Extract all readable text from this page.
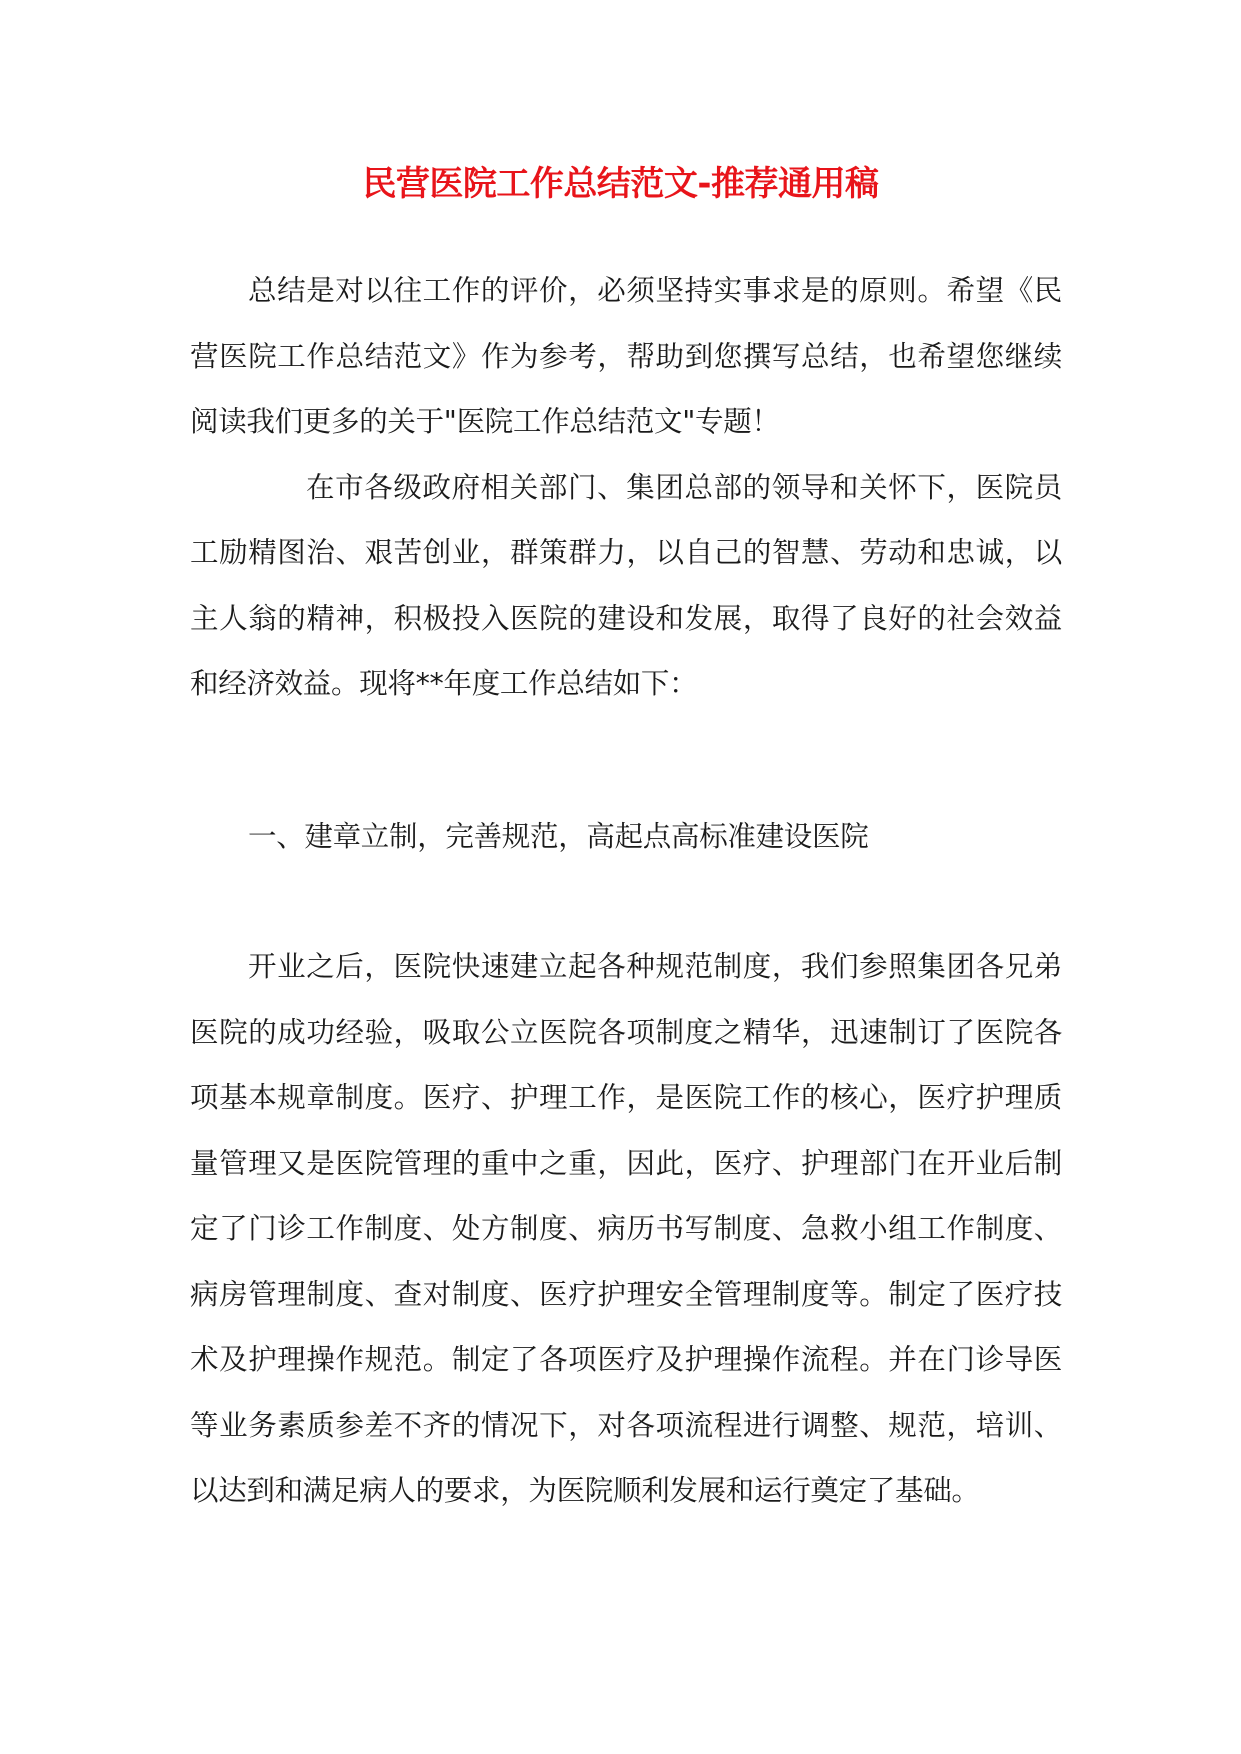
民营医院工作总结范文-推荐通用稿

总结是对以往工作的评价，必须坚持实事求是的原则。希望《民营医院工作总结范文》作为参考，帮助到您撰写总结，也希望您继续阅读我们更多的关于"医院工作总结范文"专题！

在市各级政府相关部门、集团总部的领导和关怀下，医院员工励精图治、艰苦创业，群策群力，以自己的智慧、劳动和忠诚，以主人翁的精神，积极投入医院的建设和发展，取得了良好的社会效益和经济效益。现将**年度工作总结如下：

一、建章立制，完善规范，高起点高标准建设医院

开业之后，医院快速建立起各种规范制度，我们参照集团各兄弟医院的成功经验，吸取公立医院各项制度之精华，迅速制订了医院各项基本规章制度。医疗、护理工作，是医院工作的核心，医疗护理质量管理又是医院管理的重中之重，因此，医疗、护理部门在开业后制定了门诊工作制度、处方制度、病历书写制度、急救小组工作制度、病房管理制度、查对制度、医疗护理安全管理制度等。制定了医疗技术及护理操作规范。制定了各项医疗及护理操作流程。并在门诊导医等业务素质参差不齐的情况下，对各项流程进行调整、规范，培训、以达到和满足病人的要求，为医院顺利发展和运行奠定了基础。
